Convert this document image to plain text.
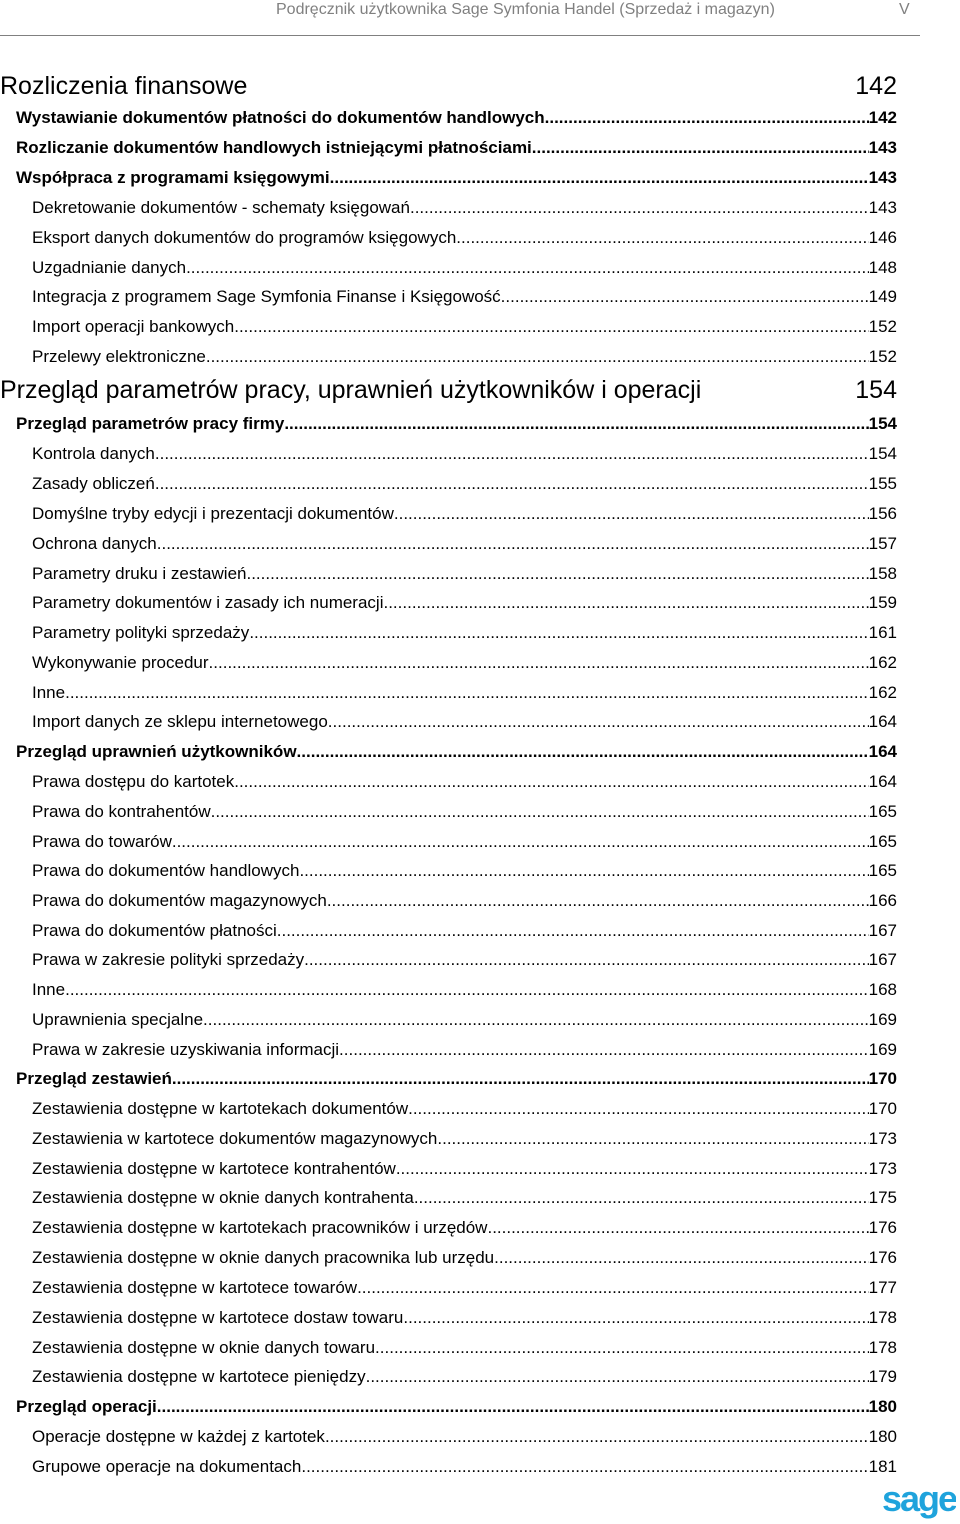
Podręcznik użytkownika Sage Symfonia Handel (Sprzedaż i magazyn)	V
Rozliczenia finansowe	142
Wystawianie dokumentów płatności do dokumentów handlowych .....	142
Rozliczanie dokumentów handlowych istniejącymi płatnościami .....	143
Współpraca z programami księgowymi .....	143
Dekretowanie dokumentów - schematy księgowań .....	143
Eksport danych dokumentów do programów księgowych .....	146
Uzgadnianie danych .....	148
Integracja z programem Sage Symfonia Finanse i Księgowość .....	149
Import operacji bankowych .....	152
Przelewy elektroniczne .....	152
Przegląd parametrów pracy, uprawnień użytkowników i operacji	154
Przegląd parametrów pracy firmy .....	154
Kontrola danych .....	154
Zasady obliczeń .....	155
Domyślne tryby edycji i prezentacji dokumentów .....	156
Ochrona danych .....	157
Parametry druku i zestawień .....	158
Parametry dokumentów i zasady ich numeracji .....	159
Parametry polityki sprzedaży .....	161
Wykonywanie procedur .....	162
Inne .....	162
Import danych ze sklepu internetowego .....	164
Przegląd uprawnień użytkowników .....	164
Prawa dostępu do kartotek .....	164
Prawa do kontrahentów .....	165
Prawa do towarów .....	165
Prawa do dokumentów handlowych .....	165
Prawa do dokumentów magazynowych .....	166
Prawa do dokumentów płatności .....	167
Prawa w zakresie polityki sprzedaży .....	167
Inne .....	168
Uprawnienia specjalne .....	169
Prawa w zakresie uzyskiwania informacji .....	169
Przegląd zestawień .....	170
Zestawienia dostępne w kartotekach dokumentów .....	170
Zestawienia w kartotece dokumentów magazynowych .....	173
Zestawienia dostępne w kartotece kontrahentów .....	173
Zestawienia dostępne w oknie danych kontrahenta .....	175
Zestawienia dostępne w kartotekach pracowników i urzędów .....	176
Zestawienia dostępne w oknie danych pracownika lub urzędu .....	176
Zestawienia dostępne w kartotece towarów .....	177
Zestawienia dostępne w kartotece dostaw towaru .....	178
Zestawienia dostępne w oknie danych towaru .....	178
Zestawienia dostępne w kartotece pieniędzy .....	179
Przegląd operacji .....	180
Operacje dostępne w każdej z kartotek .....	180
Grupowe operacje na dokumentach .....	181
sage
